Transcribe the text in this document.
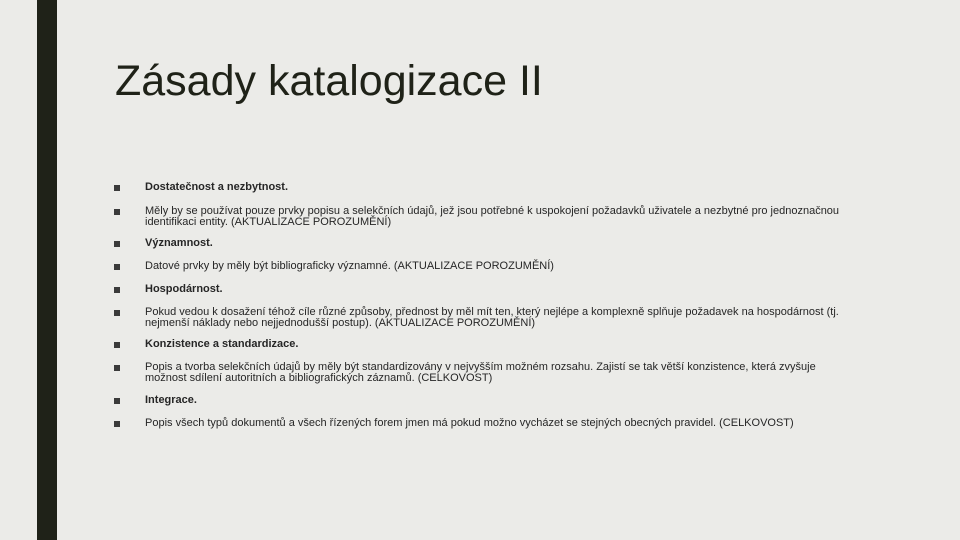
Zásady katalogizace II
Dostatečnost a nezbytnost.
Měly by se používat pouze prvky popisu a selekčních údajů, jež jsou potřebné k uspokojení požadavků uživatele a nezbytné pro jednoznačnou identifikaci entity. (AKTUALIZACE POROZUMĚNÍ)
Významnost.
Datové prvky by měly být bibliograficky významné. (AKTUALIZACE POROZUMĚNÍ)
Hospodárnost.
Pokud vedou k dosažení téhož cíle různé způsoby, přednost by měl mít ten, který nejlépe a komplexně splňuje požadavek na hospodárnost (tj. nejmenší náklady nebo nejjednodušší postup). (AKTUALIZACE POROZUMĚNÍ)
Konzistence a standardizace.
Popis a tvorba selekčních údajů by měly být standardizovány v nejvyšším možném rozsahu. Zajistí se tak větší konzistence, která zvyšuje možnost sdílení autoritních a bibliografických záznamů. (CELKOVOST)
Integrace.
Popis všech typů dokumentů a všech řízených forem jmen má pokud možno vycházet se stejných obecných pravidel. (CELKOVOST)
